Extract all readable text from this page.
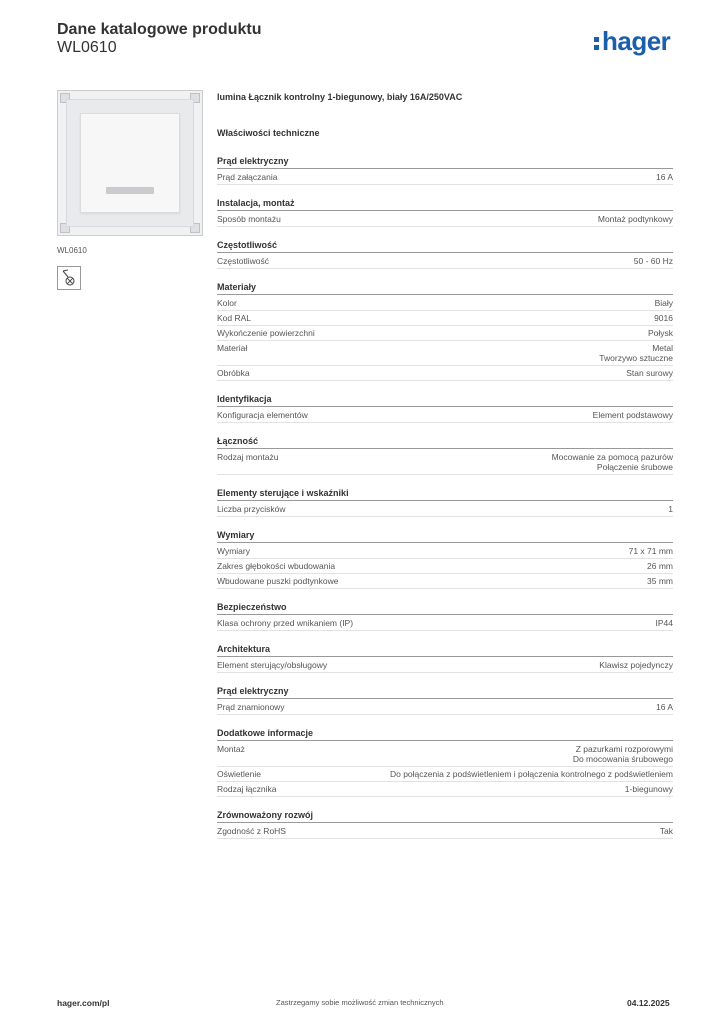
Dane katalogowe produktu
WL0610	hager
WL0610
lumina Łącznik kontrolny 1-biegunowy, biały 16A/250VAC
Właściwości techniczne
Prąd elektryczny
Prąd załączania	16 A
Instalacja, montaż
Sposób montażu	Montaż podtynkowy
Częstotliwość
Częstotliwość	50 - 60 Hz
Materiały
Kolor	Biały
Kod RAL	9016
Wykończenie powierzchni	Połysk
Materiał	Metal
Tworzywo sztuczne
Obróbka	Stan surowy
Identyfikacja
Konfiguracja elementów	Element podstawowy
Łączność
Rodzaj montażu	Mocowanie za pomocą pazurów
Połączenie śrubowe
Elementy sterujące i wskaźniki
Liczba przycisków	1
Wymiary
Wymiary	71 x 71 mm
Zakres głębokości wbudowania	26 mm
Wbudowane puszki podtynkowe	35 mm
Bezpieczeństwo
Klasa ochrony przed wnikaniem (IP)	IP44
Architektura
Element sterujący/obsługowy	Klawisz pojedynczy
Prąd elektryczny
Prąd znamionowy	16 A
Dodatkowe informacje
Montaż	Z pazurkami rozporowymi
Do mocowania śrubowego
Oświetlenie	Do połączenia z podświetleniem i połączenia kontrolnego z podświetleniem
Rodzaj łącznika	1-biegunowy
Zrównoważony rozwój
Zgodność z RoHS	Tak
hager.com/pl	Zastrzegamy sobie możliwość zmian technicznych	04.12.2025
